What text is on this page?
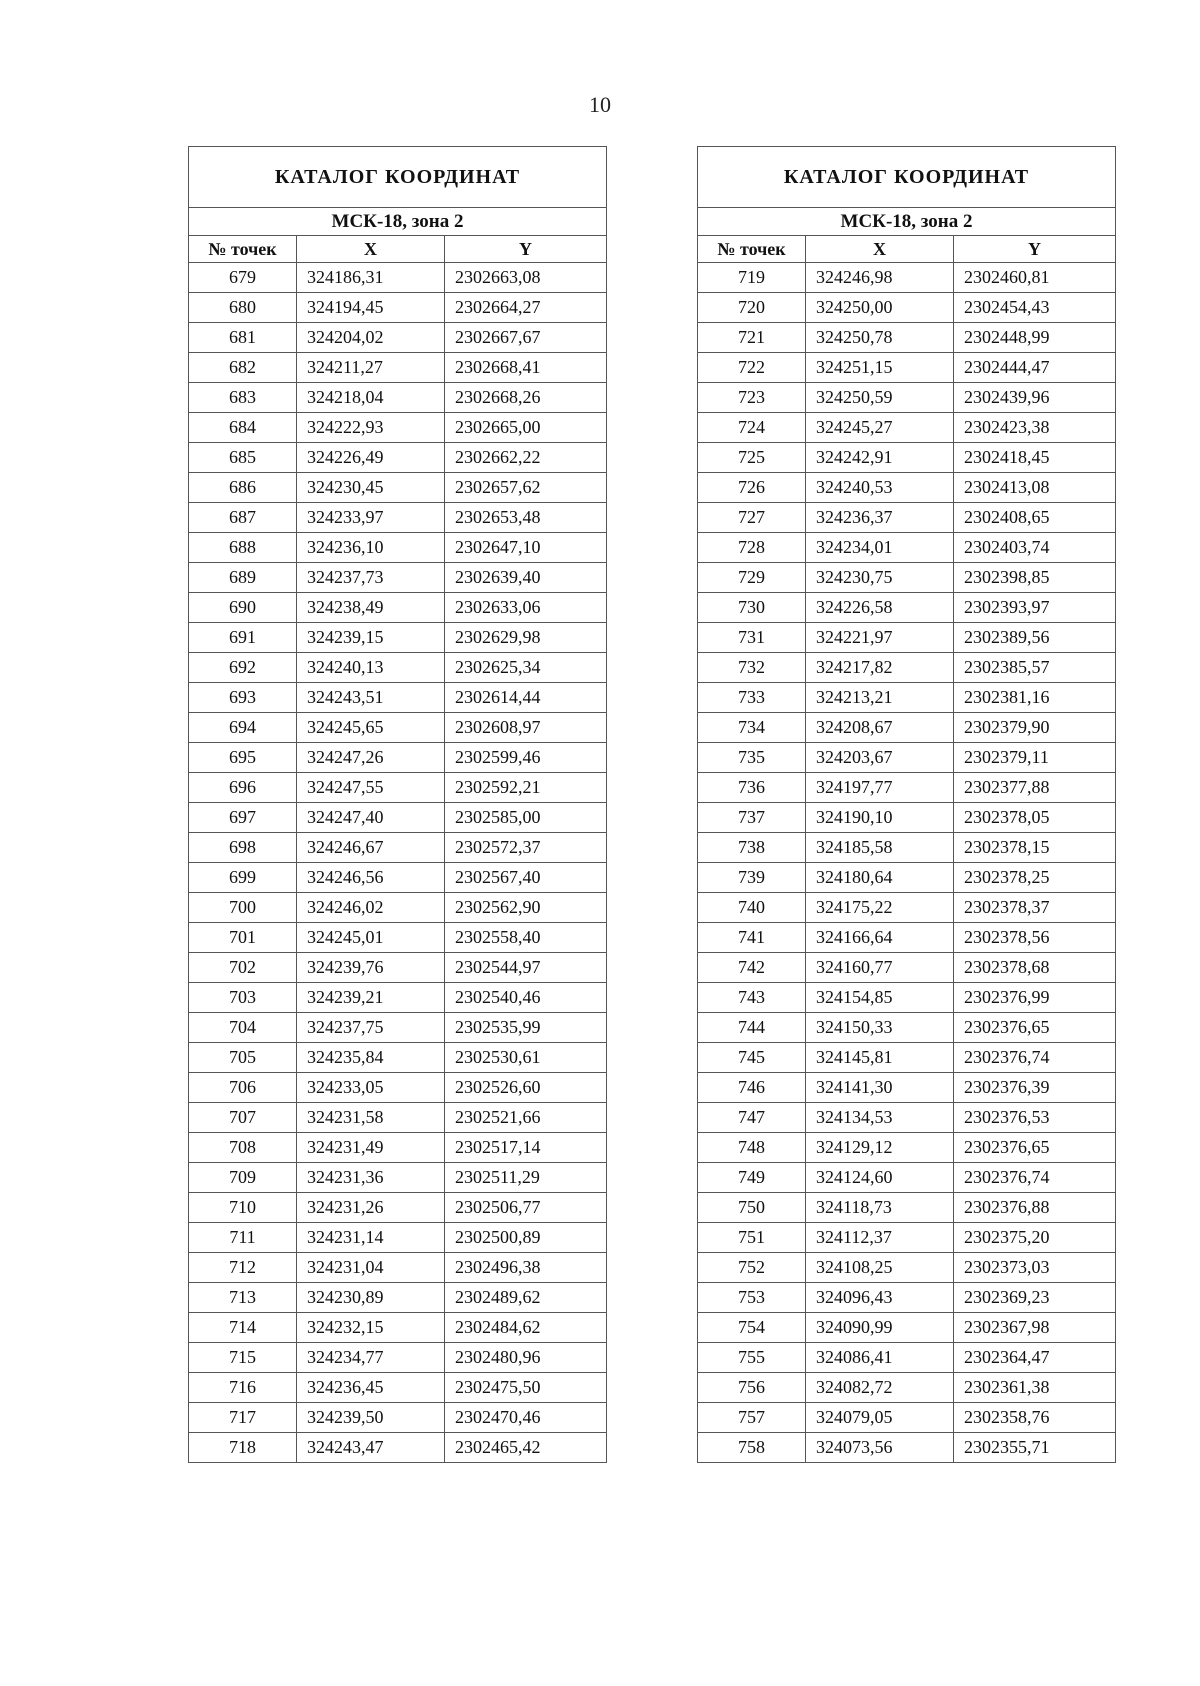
10
КАТАЛОГ КООРДИНАТ		
МСК-18, зона 2		
№ точек	X	Y
679	324186,31	2302663,08
680	324194,45	2302664,27
681	324204,02	2302667,67
682	324211,27	2302668,41
683	324218,04	2302668,26
684	324222,93	2302665,00
685	324226,49	2302662,22
686	324230,45	2302657,62
687	324233,97	2302653,48
688	324236,10	2302647,10
689	324237,73	2302639,40
690	324238,49	2302633,06
691	324239,15	2302629,98
692	324240,13	2302625,34
693	324243,51	2302614,44
694	324245,65	2302608,97
695	324247,26	2302599,46
696	324247,55	2302592,21
697	324247,40	2302585,00
698	324246,67	2302572,37
699	324246,56	2302567,40
700	324246,02	2302562,90
701	324245,01	2302558,40
702	324239,76	2302544,97
703	324239,21	2302540,46
704	324237,75	2302535,99
705	324235,84	2302530,61
706	324233,05	2302526,60
707	324231,58	2302521,66
708	324231,49	2302517,14
709	324231,36	2302511,29
710	324231,26	2302506,77
711	324231,14	2302500,89
712	324231,04	2302496,38
713	324230,89	2302489,62
714	324232,15	2302484,62
715	324234,77	2302480,96
716	324236,45	2302475,50
717	324239,50	2302470,46
718	324243,47	2302465,42
КАТАЛОГ КООРДИНАТ		
МСК-18, зона 2		
№ точек	X	Y
719	324246,98	2302460,81
720	324250,00	2302454,43
721	324250,78	2302448,99
722	324251,15	2302444,47
723	324250,59	2302439,96
724	324245,27	2302423,38
725	324242,91	2302418,45
726	324240,53	2302413,08
727	324236,37	2302408,65
728	324234,01	2302403,74
729	324230,75	2302398,85
730	324226,58	2302393,97
731	324221,97	2302389,56
732	324217,82	2302385,57
733	324213,21	2302381,16
734	324208,67	2302379,90
735	324203,67	2302379,11
736	324197,77	2302377,88
737	324190,10	2302378,05
738	324185,58	2302378,15
739	324180,64	2302378,25
740	324175,22	2302378,37
741	324166,64	2302378,56
742	324160,77	2302378,68
743	324154,85	2302376,99
744	324150,33	2302376,65
745	324145,81	2302376,74
746	324141,30	2302376,39
747	324134,53	2302376,53
748	324129,12	2302376,65
749	324124,60	2302376,74
750	324118,73	2302376,88
751	324112,37	2302375,20
752	324108,25	2302373,03
753	324096,43	2302369,23
754	324090,99	2302367,98
755	324086,41	2302364,47
756	324082,72	2302361,38
757	324079,05	2302358,76
758	324073,56	2302355,71
